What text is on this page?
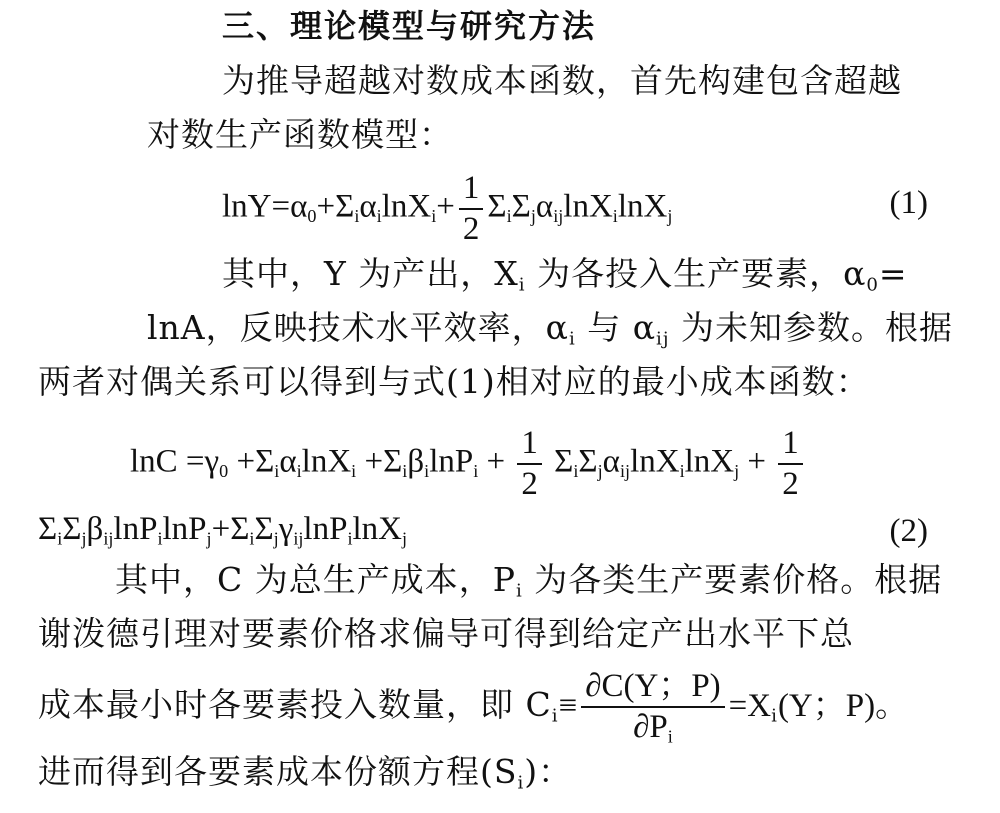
三、理论模型与研究方法
为推导超越对数成本函数，首先构建包含超越
对数生产函数模型：
$\ln Y=\alpha_0+\Sigma_i\alpha_i\ln X_i+ \frac{1}{2} \Sigma_i\Sigma_j\alpha_{ij}\ln X_i\ln X_j$	(1)
其中，Y 为产出，$X_i$ 为各投入生产要素，$\alpha_0=$
lnA，反映技术水平效率，$\alpha_i$ 与 $\alpha_{ij}$ 为未知参数。根据
两者对偶关系可以得到与式(1)相对应的最小成本函数：
$\ln C =\gamma_0 +\Sigma_i\alpha_i\ln X_i +\Sigma_i\beta_i\ln P_i + \frac{1}{2} \Sigma_i\Sigma_j\alpha_{ij}\ln X_i\ln X_j + \frac{1}{2}$
$\Sigma_i\Sigma_j\beta_{ij}\ln P_i\ln P_j+\Sigma_i\Sigma_j\gamma_{ij}\ln P_i\ln X_j$	(2)
其中，C 为总生产成本，$P_i$ 为各类生产要素价格。根据
谢泼德引理对要素价格求偏导可得到给定产出水平下总
成本最小时各要素投入数量，即 $C_i\equiv \frac{\partial C(Y;P)}{\partial P_i} =X_i(Y$；P)。
进而得到各要素成本份额方程$(S_i)$：
